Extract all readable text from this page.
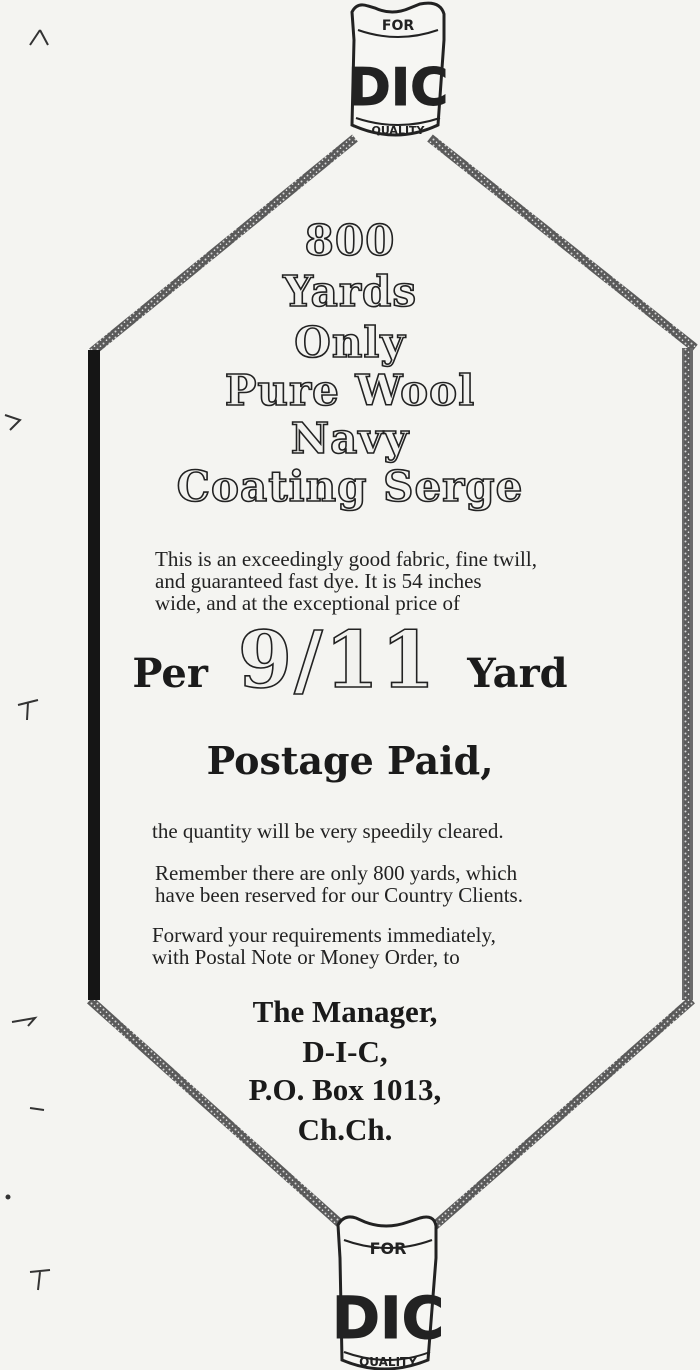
FOR
DIC
QUALITY
FOR
DIC
QUALITY
800
Yards
Only
Pure Wool
Navy
Coating Serge
This is an exceedingly good fabric, fine twill,
and guaranteed fast dye. It is 54 inches
wide, and at the exceptional price of
Per 9/11 Yard
Postage Paid,
the quantity will be very speedily cleared.
Remember there are only 800 yards, which
have been reserved for our Country Clients.
Forward your requirements immediately,
with Postal Note or Money Order, to
The Manager,
D-I-C,
P.O. Box 1013,
Ch.Ch.
